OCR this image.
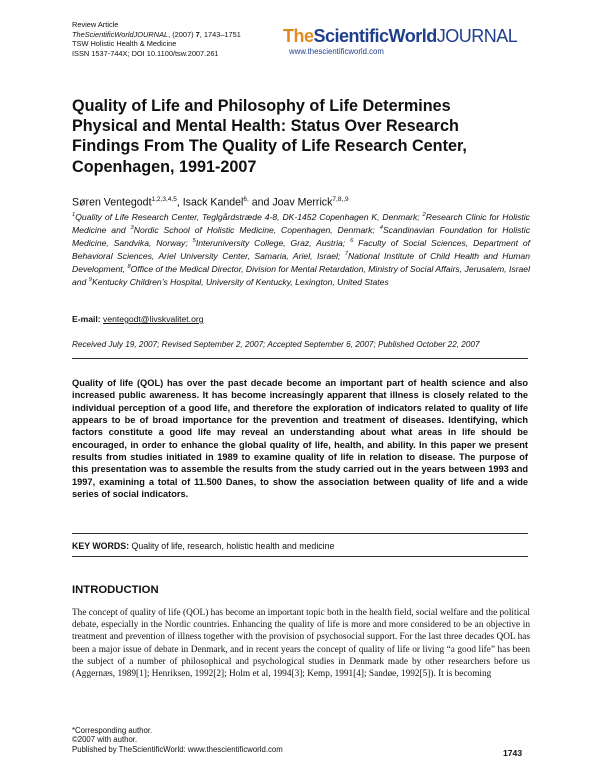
Review Article
TheScientificWorldJOURNAL, (2007) 7, 1743–1751
TSW Holistic Health & Medicine
ISSN 1537-744X; DOI 10.1100/tsw.2007.261
TheScientificWorldJOURNAL
www.thescientificworld.com
Quality of Life and Philosophy of Life Determines Physical and Mental Health: Status Over Research Findings From The Quality of Life Research Center, Copenhagen, 1991-2007
Søren Ventegodt$^{1,2,3,4,5}$, Isack Kandel$^{6,}$ and Joav Merrick$^{7,8,,9}$
$^1$Quality of Life Research Center, Teglgårdstræde 4-8, DK-1452 Copenhagen K, Denmark; $^2$Research Clinic for Holistic Medicine and $^3$Nordic School of Holistic Medicine, Copenhagen, Denmark; $^4$Scandinavian Foundation for Holistic Medicine, Sandvika, Norway; $^5$Interuniversity College, Graz, Austria; $^6$ Faculty of Social Sciences, Department of Behavioral Sciences, Ariel University Center, Samaria, Ariel, Israel; $^7$National Institute of Child Health and Human Development, $^8$Office of the Medical Director, Division for Mental Retardation, Ministry of Social Affairs, Jerusalem, Israel and $^9$Kentucky Children’s Hospital, University of Kentucky, Lexington, United States
E-mail: ventegodt@livskvalitet.org
Received July 19, 2007; Revised September 2, 2007; Accepted September 6, 2007; Published October 22, 2007
Quality of life (QOL) has over the past decade become an important part of health science and also increased public awareness. It has become increasingly apparent that illness is closely related to the individual perception of a good life, and therefore the exploration of indicators related to quality of life appears to be of broad importance for the prevention and treatment of diseases. Identifying, which factors constitute a good life may reveal an understanding about what areas in life should be encouraged, in order to enhance the global quality of life, health, and ability. In this paper we present results from studies initiated in 1989 to examine quality of life in relation to disease. The purpose of this presentation was to assemble the results from the study carried out in the years between 1993 and 1997, examining a total of 11.500 Danes, to show the association between quality of life and a wide series of social indicators.
KEY WORDS: Quality of life, research, holistic health and medicine
INTRODUCTION
The concept of quality of life (QOL) has become an important topic both in the health field, social welfare and the political debate, especially in the Nordic countries. Enhancing the quality of life is more and more considered to be an objective in treatment and prevention of illness together with the provision of psychosocial support. For the last three decades QOL has been a major issue of debate in Denmark, and in recent years the concept of quality of life or living “a good life” has been the subject of a number of philosophical and psychological studies in Denmark made by other researchers before us (Aggernæs, 1989[1]; Henriksen, 1992[2]; Holm et al, 1994[3]; Kemp, 1991[4]; Sandøe, 1992[5]). It is becoming
*Corresponding author.
©2007 with author.
Published by TheScientificWorld: www.thescientificworld.com	1743
